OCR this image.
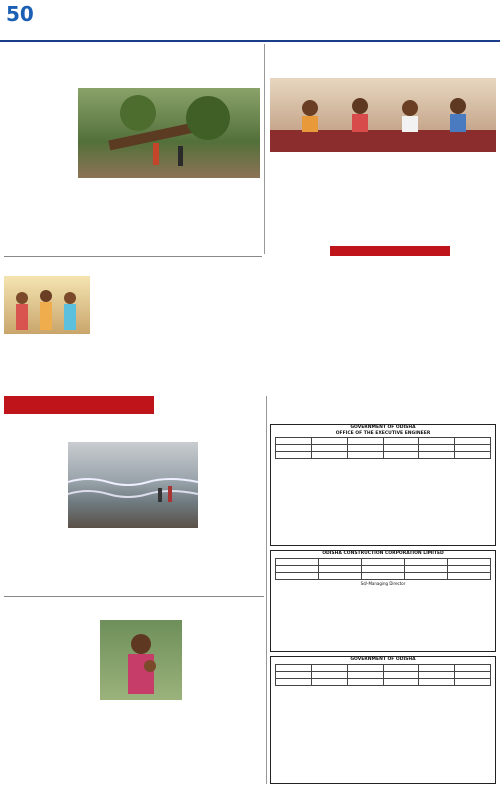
50
GOVERNMENT OF ODISHA
OFFICE OF THE EXECUTIVE ENGINEER

ODISHA CONSTRUCTION CORPORATION LIMITED

Sd/-Managing Director
GOVERNMENT OF ODISHA
